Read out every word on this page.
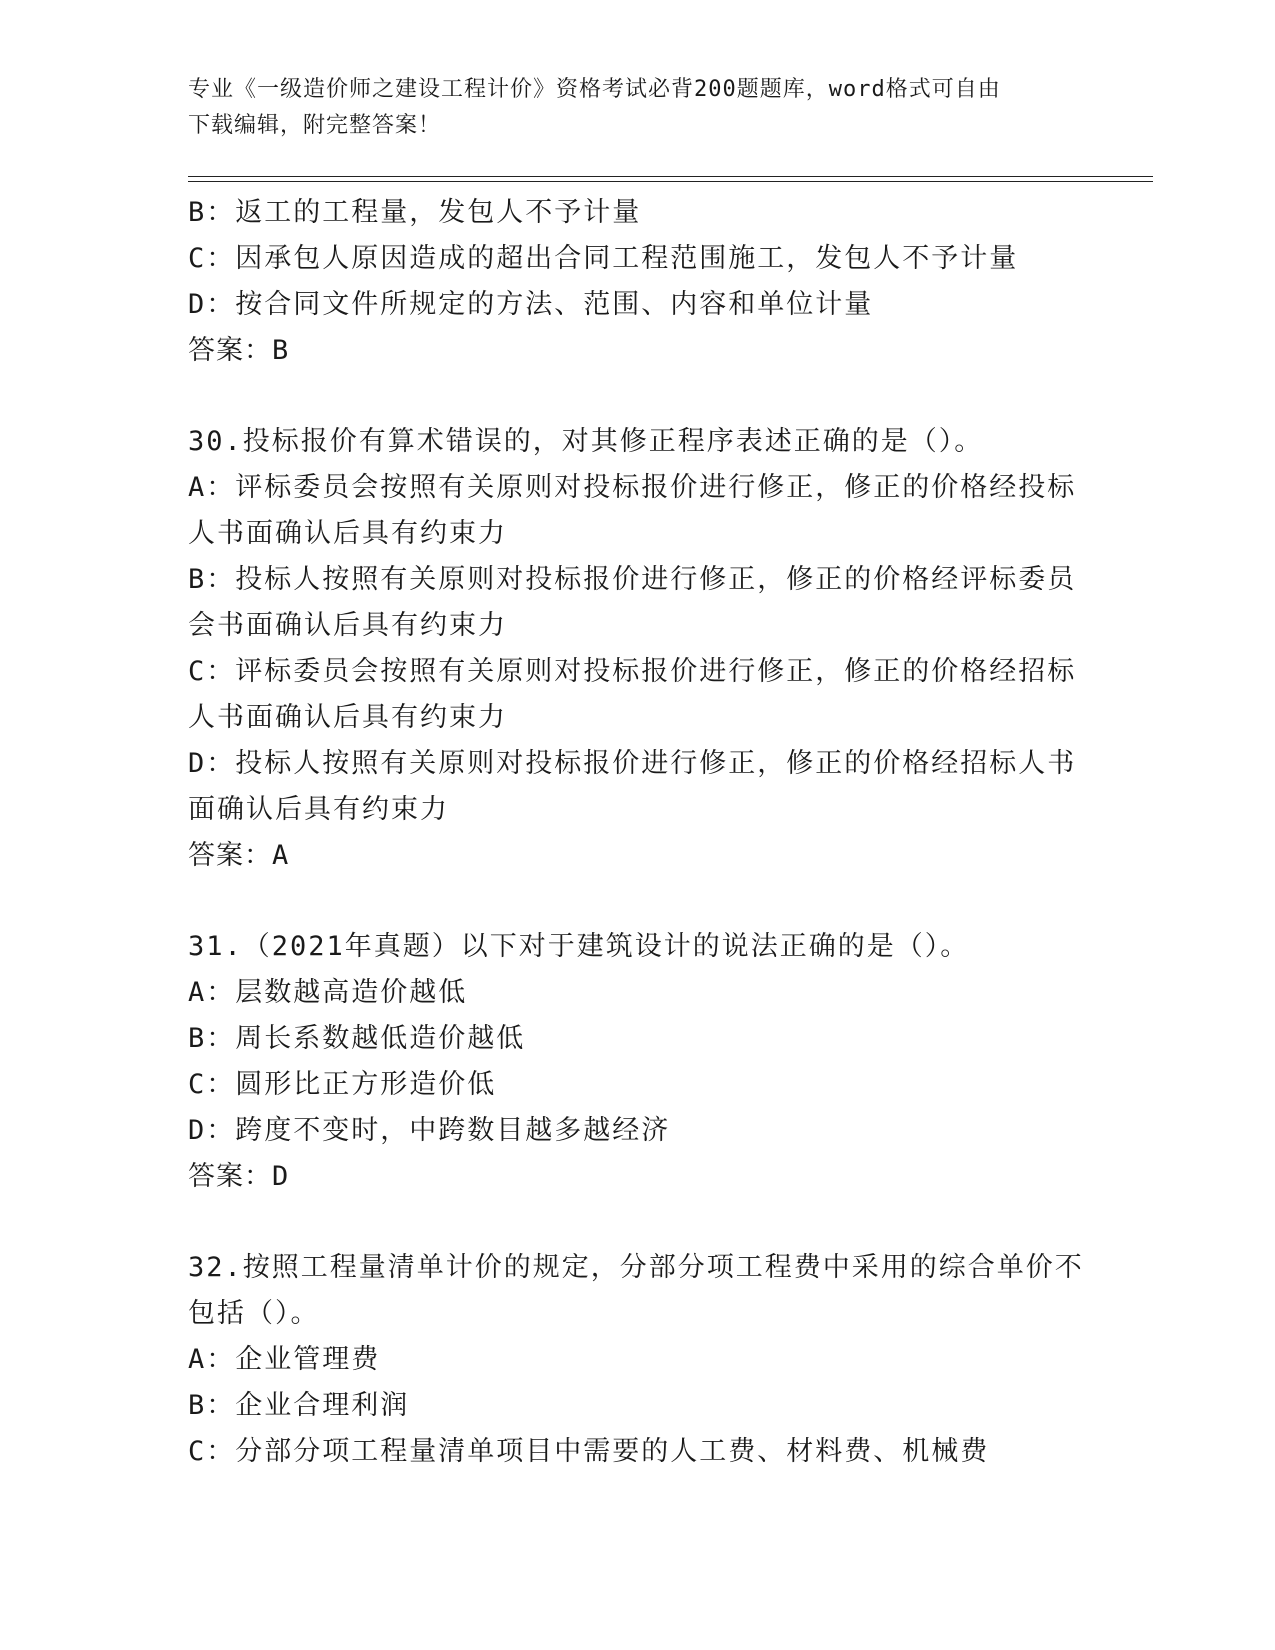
专业《一级造价师之建设工程计价》资格考试必背200题题库，word格式可自由
下载编辑，附完整答案！
B：返工的工程量，发包人不予计量
C：因承包人原因造成的超出合同工程范围施工，发包人不予计量
D：按合同文件所规定的方法、范围、内容和单位计量
答案：B
30.投标报价有算术错误的，对其修正程序表述正确的是（）。
A：评标委员会按照有关原则对投标报价进行修正，修正的价格经投标
人书面确认后具有约束力
B：投标人按照有关原则对投标报价进行修正，修正的价格经评标委员
会书面确认后具有约束力
C：评标委员会按照有关原则对投标报价进行修正，修正的价格经招标
人书面确认后具有约束力
D：投标人按照有关原则对投标报价进行修正，修正的价格经招标人书
面确认后具有约束力
答案：A
31.（2021年真题）以下对于建筑设计的说法正确的是（）。
A：层数越高造价越低
B：周长系数越低造价越低
C：圆形比正方形造价低
D：跨度不变时，中跨数目越多越经济
答案：D
32.按照工程量清单计价的规定，分部分项工程费中采用的综合单价不
包括（）。
A：企业管理费
B：企业合理利润
C：分部分项工程量清单项目中需要的人工费、材料费、机械费
